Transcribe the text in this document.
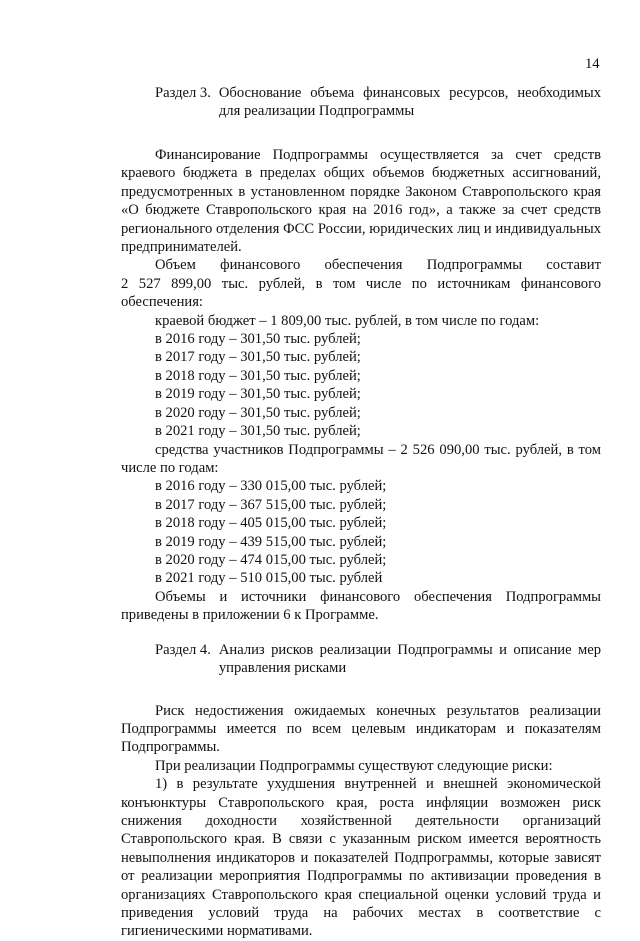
14
Раздел 3. Обоснование объема финансовых ресурсов, необходимых для реализации Подпрограммы

Финансирование Подпрограммы осуществляется за счет средств краевого бюджета в пределах общих объемов бюджетных ассигнований, предусмотренных в установленном порядке Законом Ставропольского края «О бюджете Ставропольского края на 2016 год», а также за счет средств регионального отделения ФСС России, юридических лиц и индивидуальных предпринимателей.

Объем финансового обеспечения Подпрограммы составит

2 527 899,00 тыс. рублей, в том числе по источникам финансового обеспечения:

краевой бюджет – 1 809,00 тыс. рублей, в том числе по годам:
в 2016 году – 301,50 тыс. рублей;
в 2017 году – 301,50 тыс. рублей;
в 2018 году – 301,50 тыс. рублей;
в 2019 году – 301,50 тыс. рублей;
в 2020 году – 301,50 тыс. рублей;
в 2021 году – 301,50 тыс. рублей;

средства участников Подпрограммы – 2 526 090,00 тыс. рублей, в том числе по годам:

в 2016 году – 330 015,00 тыс. рублей;
в 2017 году – 367 515,00 тыс. рублей;
в 2018 году – 405 015,00 тыс. рублей;
в 2019 году – 439 515,00 тыс. рублей;
в 2020 году – 474 015,00 тыс. рублей;
в 2021 году – 510 015,00 тыс. рублей

Объемы и источники финансового обеспечения Подпрограммы приведены в приложении 6 к Программе.

Раздел 4. Анализ рисков реализации Подпрограммы и описание мер управления рисками

Риск недостижения ожидаемых конечных результатов реализации Подпрограммы имеется по всем целевым индикаторам и показателям Подпрограммы.

При реализации Подпрограммы существуют следующие риски:

1) в результате ухудшения внутренней и внешней экономической конъюнктуры Ставропольского края, роста инфляции возможен риск снижения доходности хозяйственной деятельности организаций Ставропольского края. В связи с указанным риском имеется вероятность невыполнения индикаторов и показателей Подпрограммы, которые зависят от реализации мероприятия Подпрограммы по активизации проведения в организациях Ставропольского края специальной оценки условий труда и приведения условий труда на рабочих местах в соответствие с гигиеническими нормативами.
